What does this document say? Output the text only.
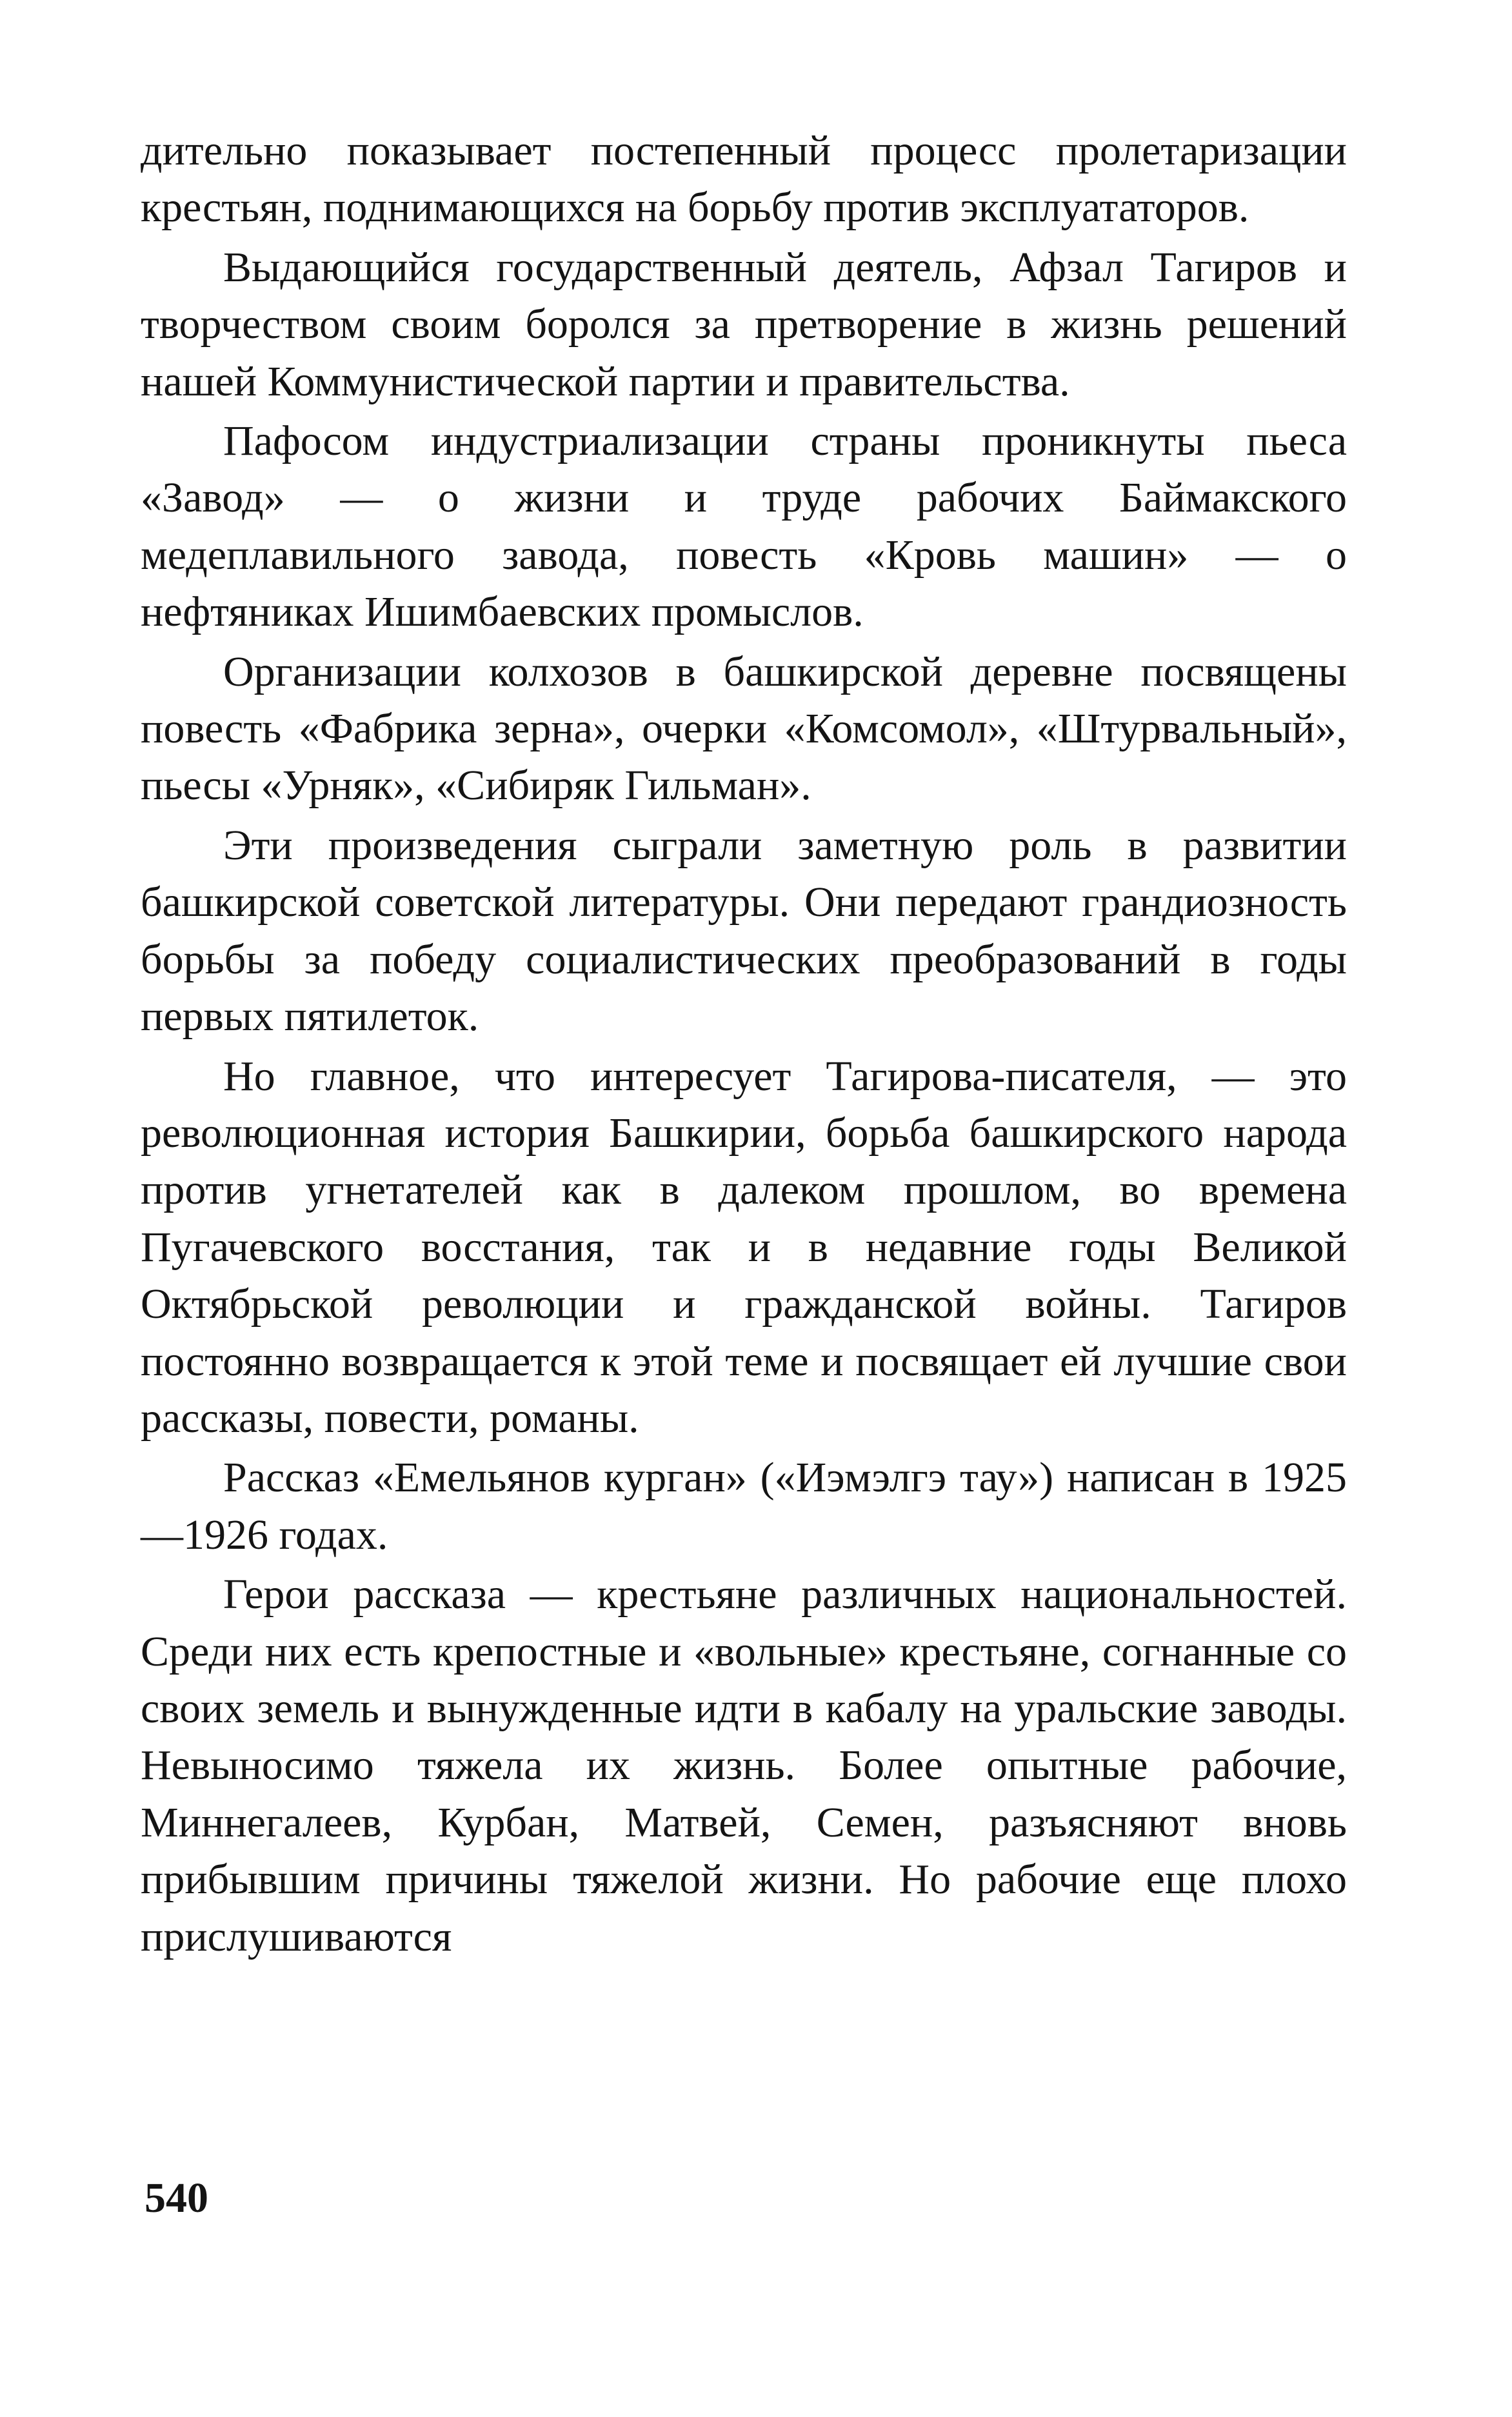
дительно показывает постепенный процесс пролетаризации крестьян, поднимающихся на борьбу против эксплуататоров.

Выдающийся государственный деятель, Афзал Тагиров и творчеством своим боролся за претворение в жизнь решений нашей Коммунистической партии и правительства.

Пафосом индустриализации страны проникнуты пьеса «Завод» — о жизни и труде рабочих Баймакского медеплавильного завода, повесть «Кровь машин» — о нефтяниках Ишимбаевских промыслов.

Организации колхозов в башкирской деревне посвящены повесть «Фабрика зерна», очерки «Комсомол», «Штурвальный», пьесы «Урняк», «Сибиряк Гильман».

Эти произведения сыграли заметную роль в развитии башкирской советской литературы. Они передают грандиозность борьбы за победу социалистических преобразований в годы первых пятилеток.

Но главное, что интересует Тагирова-писателя, — это революционная история Башкирии, борьба башкирского народа против угнетателей как в далеком прошлом, во времена Пугачевского восстания, так и в недавние годы Великой Октябрьской революции и гражданской войны. Тагиров постоянно возвращается к этой теме и посвящает ей лучшие свои рассказы, повести, романы.

Рассказ «Емельянов курган» («Иэмэлгэ тау») написан в 1925—1926 годах.

Герои рассказа — крестьяне различных национальностей. Среди них есть крепостные и «вольные» крестьяне, согнанные со своих земель и вынужденные идти в кабалу на уральские заводы. Невыносимо тяжела их жизнь. Более опытные рабочие, Миннегалеев, Курбан, Матвей, Семен, разъясняют вновь прибывшим причины тяжелой жизни. Но рабочие еще плохо прислушиваются

540
